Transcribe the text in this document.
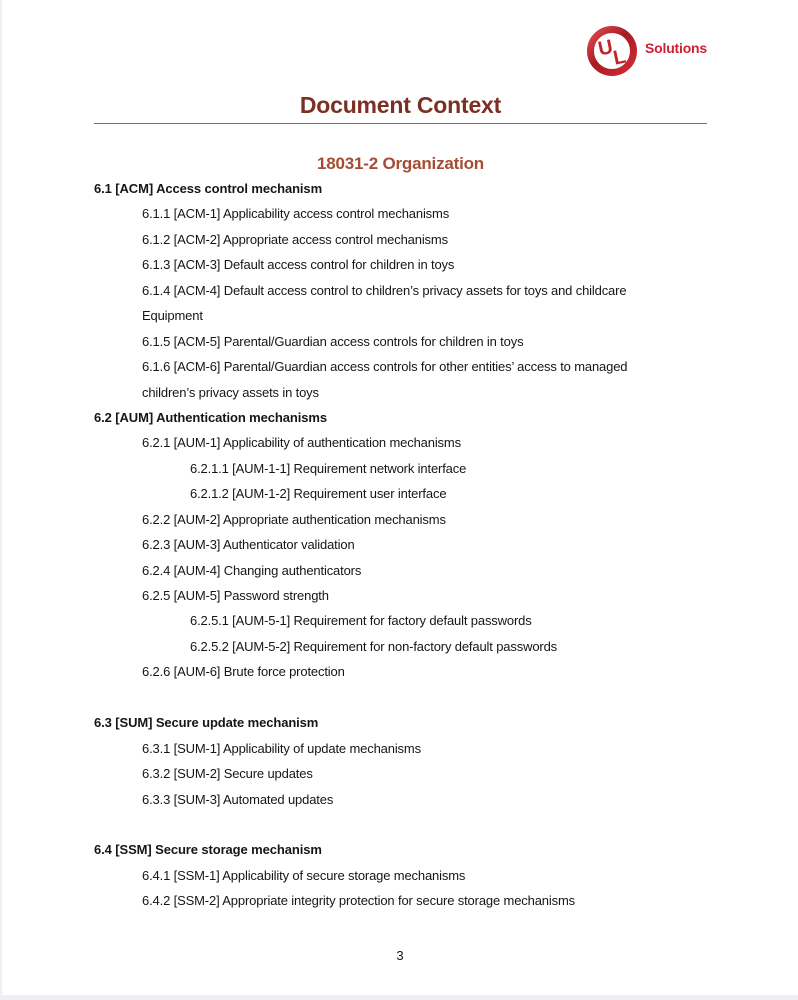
U
L Solutions
Document Context
18031-2 Organization
6.1 [ACM] Access control mechanism
6.1.1 [ACM-1] Applicability access control mechanisms
6.1.2 [ACM-2] Appropriate access control mechanisms
6.1.3 [ACM-3] Default access control for children in toys
6.1.4 [ACM-4] Default access control to children’s privacy assets for toys and childcare
Equipment
6.1.5 [ACM-5] Parental/Guardian access controls for children in toys
6.1.6 [ACM-6] Parental/Guardian access controls for other entities’ access to managed
children’s privacy assets in toys
6.2 [AUM] Authentication mechanisms
6.2.1 [AUM-1] Applicability of authentication mechanisms
6.2.1.1 [AUM-1-1] Requirement network interface
6.2.1.2 [AUM-1-2] Requirement user interface
6.2.2 [AUM-2] Appropriate authentication mechanisms
6.2.3 [AUM-3] Authenticator validation
6.2.4 [AUM-4] Changing authenticators
6.2.5 [AUM-5] Password strength
6.2.5.1 [AUM-5-1] Requirement for factory default passwords
6.2.5.2 [AUM-5-2] Requirement for non-factory default passwords
6.2.6 [AUM-6] Brute force protection
6.3 [SUM] Secure update mechanism
6.3.1 [SUM-1] Applicability of update mechanisms
6.3.2 [SUM-2] Secure updates
6.3.3 [SUM-3] Automated updates
6.4 [SSM] Secure storage mechanism
6.4.1 [SSM-1] Applicability of secure storage mechanisms
6.4.2 [SSM-2] Appropriate integrity protection for secure storage mechanisms
3
